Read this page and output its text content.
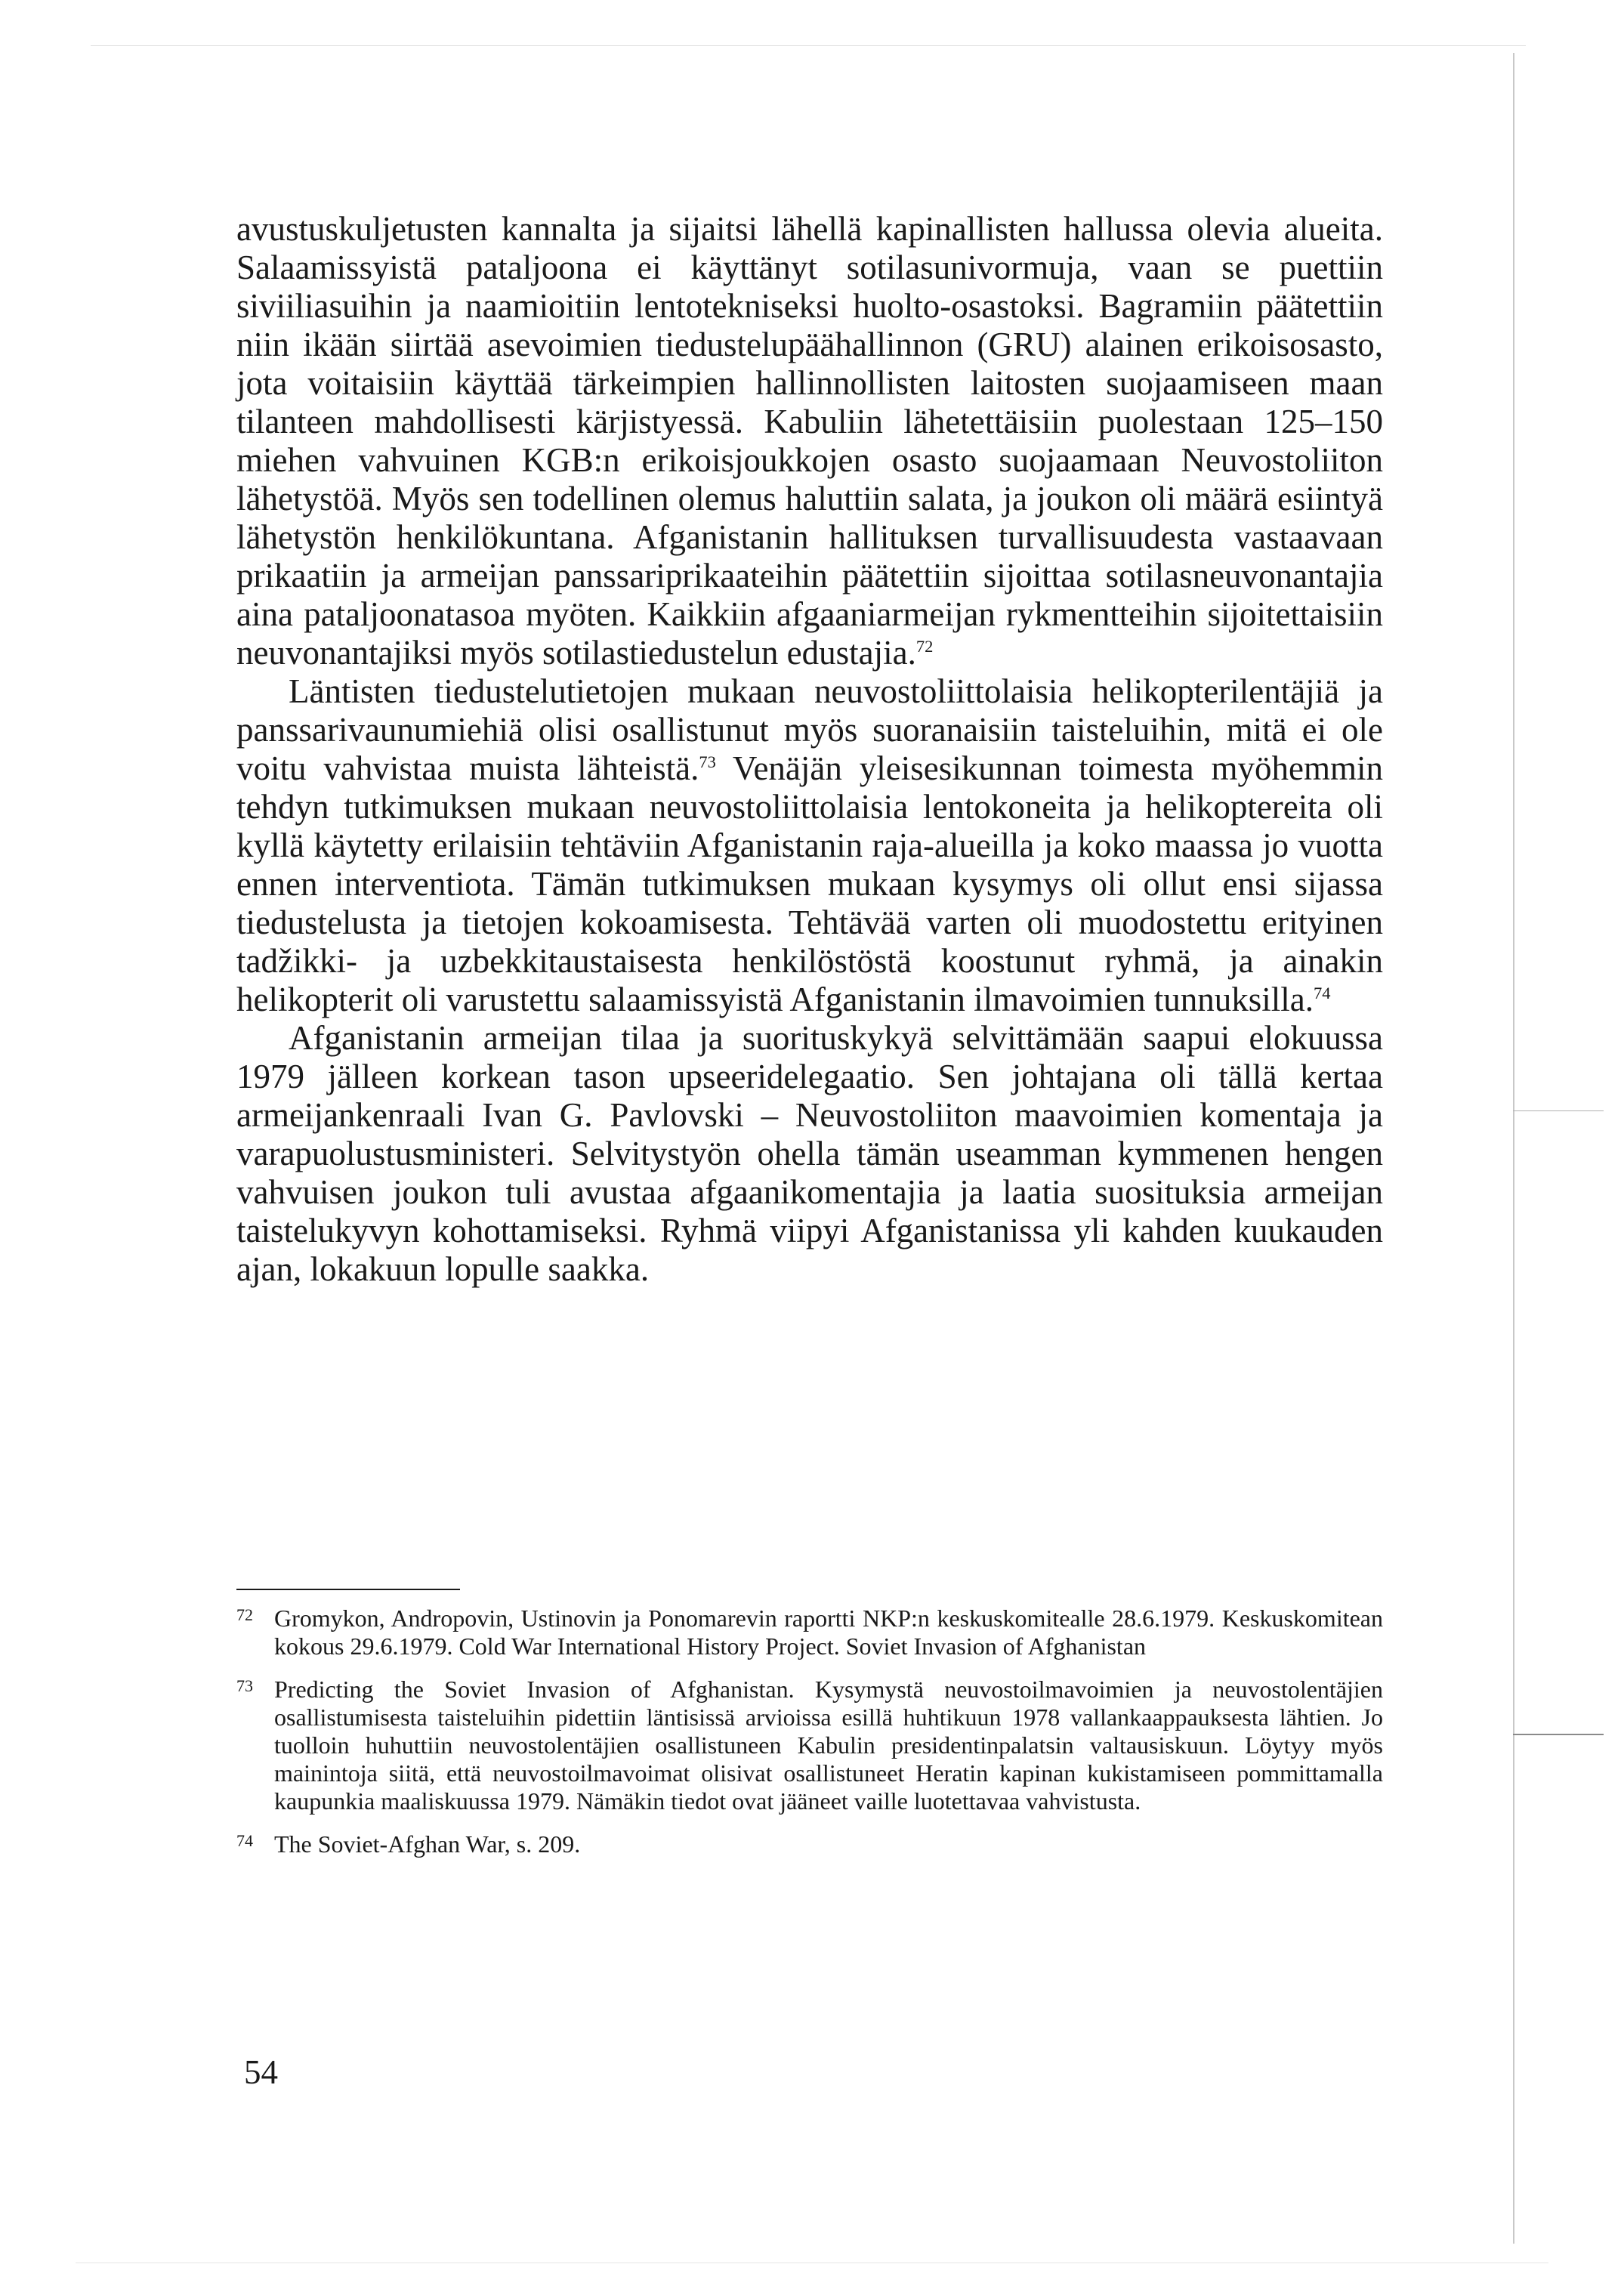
avustuskuljetusten kannalta ja sijaitsi lähellä kapinallisten hallussa olevia alueita. Salaamissyistä pataljoona ei käyttänyt sotilasunivormuja, vaan se puettiin siviiliasuihin ja naamioitiin lentotekniseksi huolto-osastoksi. Bagramiin päätettiin niin ikään siirtää asevoimien tiedustelupäähallinnon (GRU) alainen erikoisosasto, jota voitaisiin käyttää tärkeimpien hallinnollisten laitosten suojaamiseen maan tilanteen mahdollisesti kärjistyessä. Kabuliin lähetettäisiin puolestaan 125–150 miehen vahvuinen KGB:n erikoisjoukkojen osasto suojaamaan Neuvostoliiton lähetystöä. Myös sen todellinen olemus haluttiin salata, ja joukon oli määrä esiintyä lähetystön henkilökuntana. Afganistanin hallituksen turvallisuudesta vastaavaan prikaatiin ja armeijan panssariprikaateihin päätettiin sijoittaa sotilasneuvonantajia aina pataljoonatasoa myöten. Kaikkiin afgaaniarmeijan rykmentteihin sijoitettaisiin neuvonantajiksi myös sotilastiedustelun edustajia.$^{72}$

Läntisten tiedustelutietojen mukaan neuvostoliittolaisia helikopterilentäjiä ja panssarivaunumiehiä olisi osallistunut myös suoranaisiin taisteluihin, mitä ei ole voitu vahvistaa muista lähteistä.$^{73}$ Venäjän yleisesikunnan toimesta myöhemmin tehdyn tutkimuksen mukaan neuvostoliittolaisia lentokoneita ja helikoptereita oli kyllä käytetty erilaisiin tehtäviin Afganistanin raja-alueilla ja koko maassa jo vuotta ennen interventiota. Tämän tutkimuksen mukaan kysymys oli ollut ensi sijassa tiedustelusta ja tietojen kokoamisesta. Tehtävää varten oli muodostettu erityinen tadžikki- ja uzbekkitaustaisesta henkilöstöstä koostunut ryhmä, ja ainakin helikopterit oli varustettu salaamissyistä Afganistanin ilmavoimien tunnuksilla.$^{74}$

Afganistanin armeijan tilaa ja suorituskykyä selvittämään saapui elokuussa 1979 jälleen korkean tason upseeridelegaatio. Sen johtajana oli tällä kertaa armeijankenraali Ivan G. Pavlovski – Neuvostoliiton maavoimien komentaja ja varapuolustusministeri. Selvitystyön ohella tämän useamman kymmenen hengen vahvuisen joukon tuli avustaa afgaanikomentajia ja laatia suosituksia armeijan taistelukyvyn kohottamiseksi. Ryhmä viipyi Afganistanissa yli kahden kuukauden ajan, lokakuun lopulle saakka.

72 Gromykon, Andropovin, Ustinovin ja Ponomarevin raportti NKP:n keskuskomitealle 28.6.1979. Keskuskomitean kokous 29.6.1979. Cold War International History Project. Soviet Invasion of Afghanistan
73 Predicting the Soviet Invasion of Afghanistan. Kysymystä neuvostoilmavoimien ja neuvostolentäjien osallistumisesta taisteluihin pidettiin läntisissä arvioissa esillä huhtikuun 1978 vallankaappauksesta lähtien. Jo tuolloin huhuttiin neuvostolentäjien osallistuneen Kabulin presidentinpalatsin valtausiskuun. Löytyy myös mainintoja siitä, että neuvostoilmavoimat olisivat osallistuneet Heratin kapinan kukistamiseen pommittamalla kaupunkia maaliskuussa 1979. Nämäkin tiedot ovat jääneet vaille luotettavaa vahvistusta.
74 The Soviet-Afghan War, s. 209.
54
